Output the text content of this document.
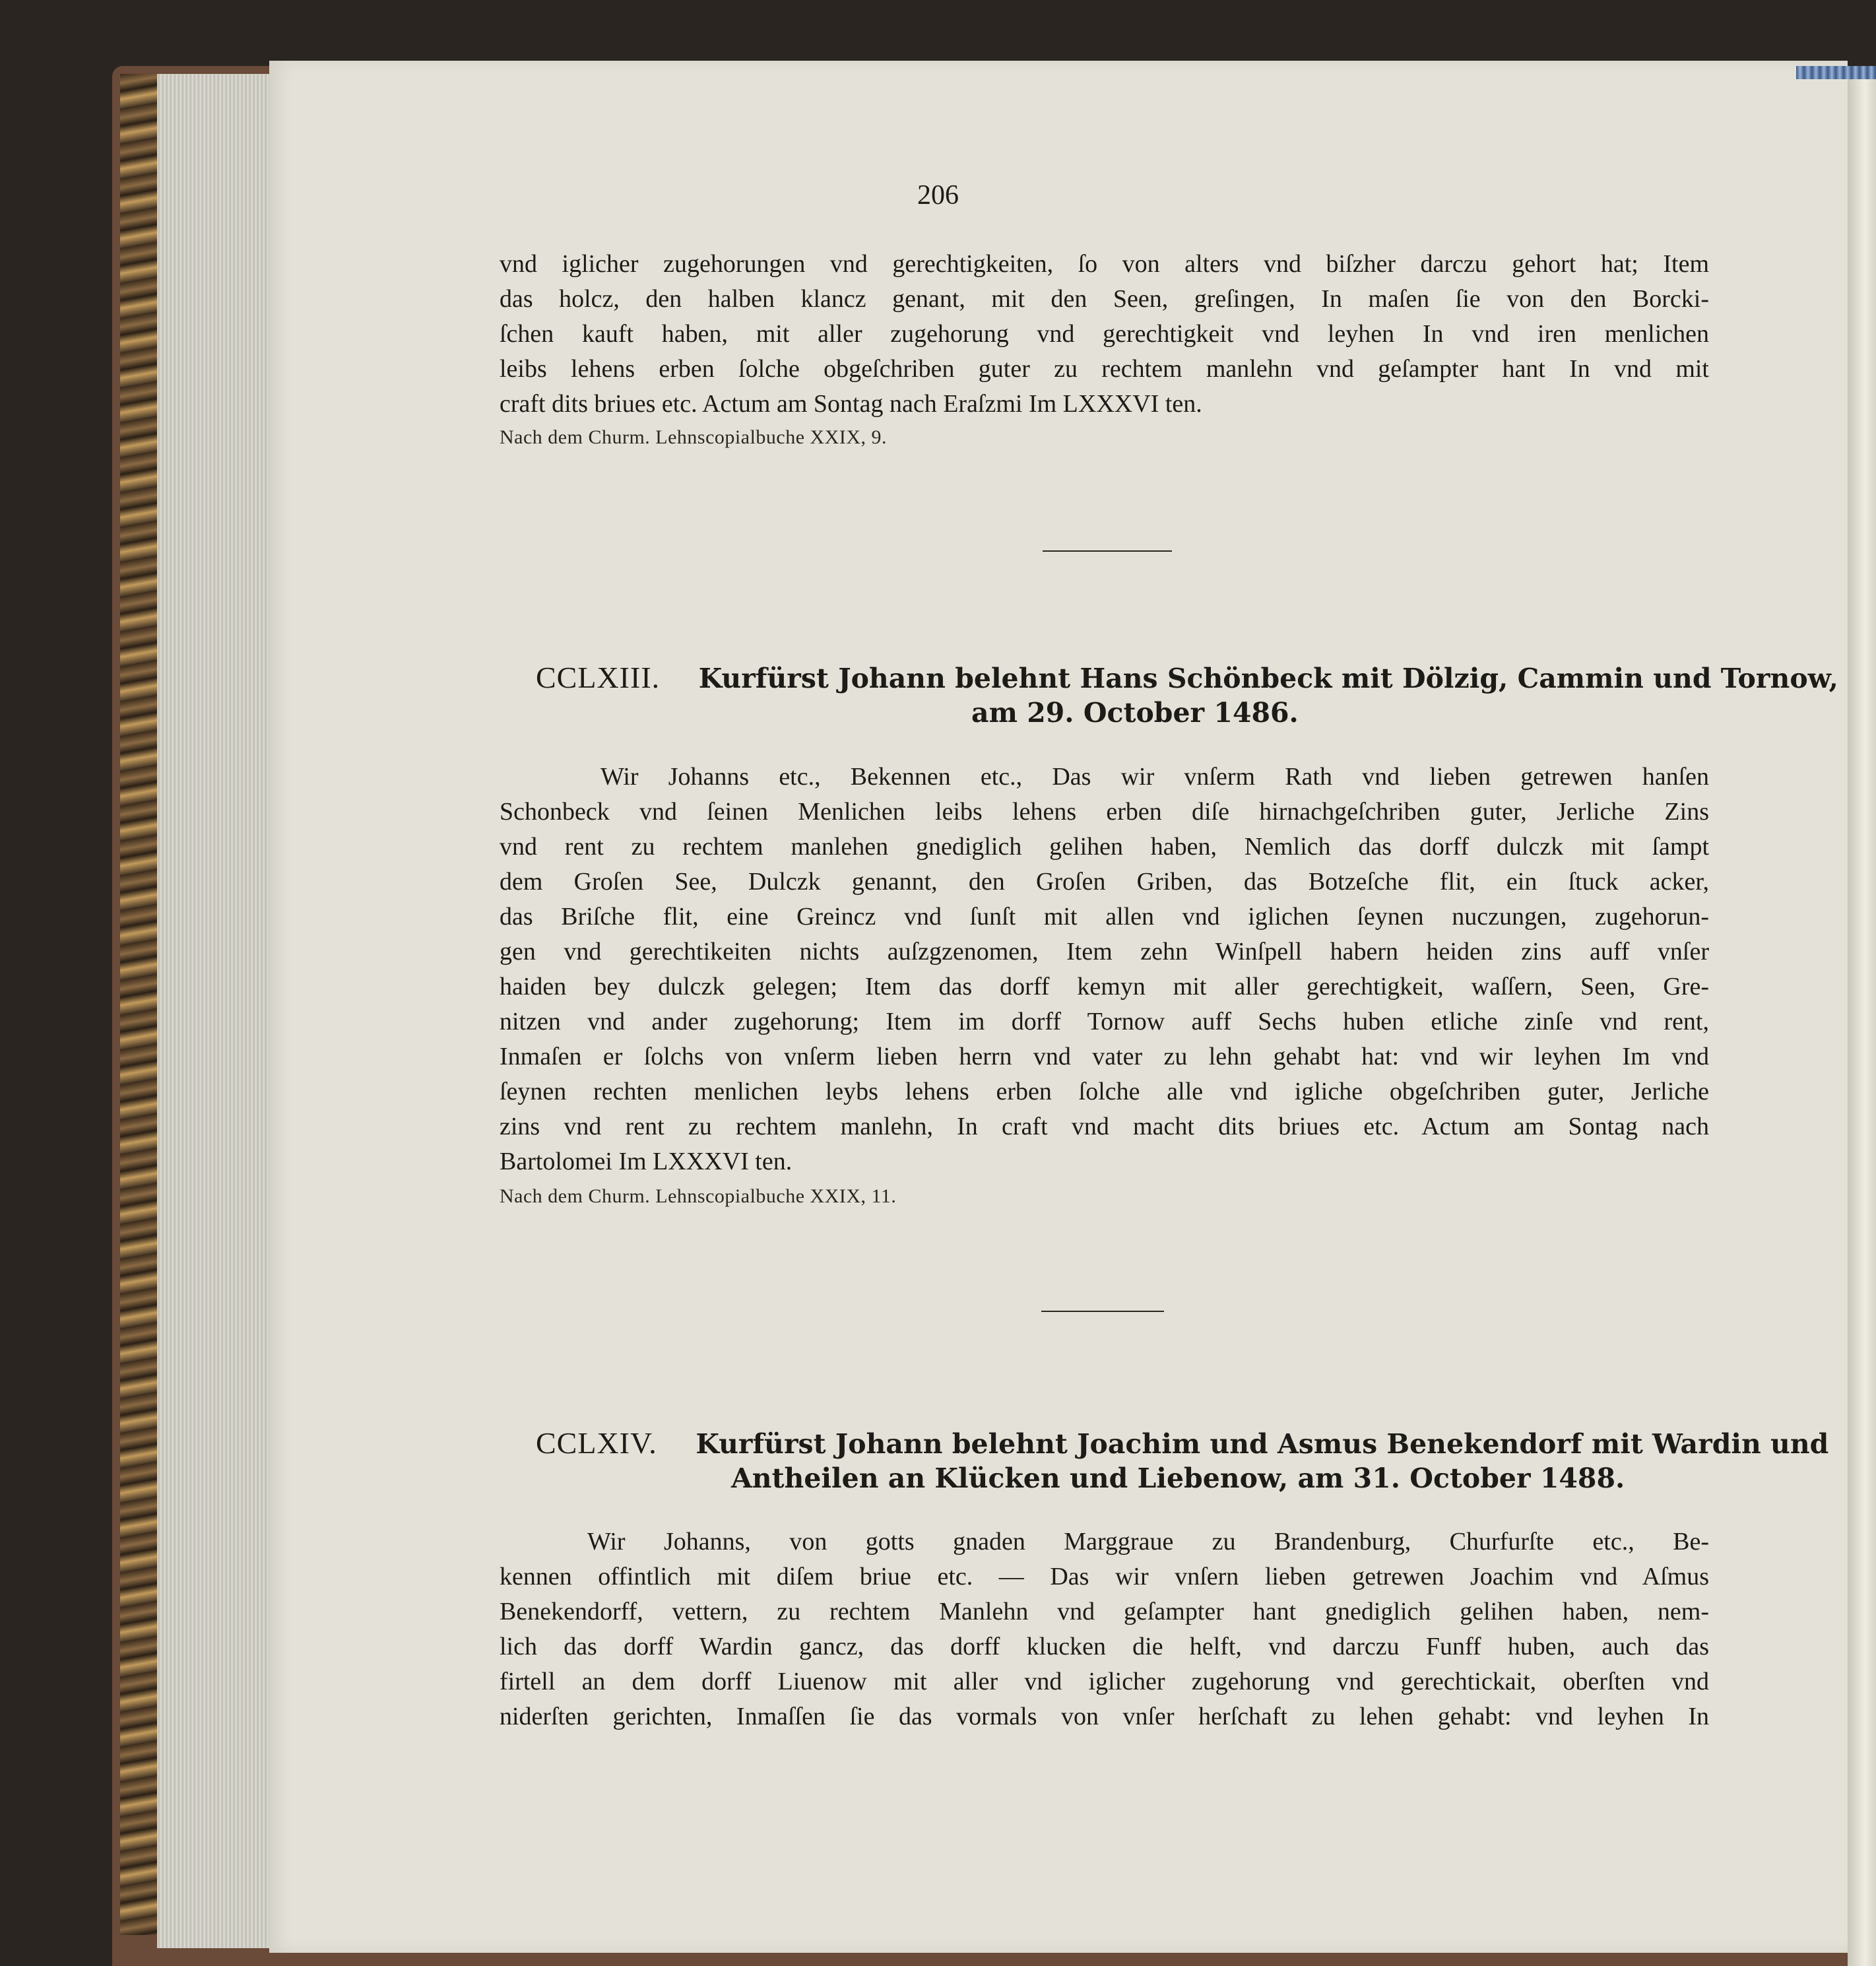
206
vnd iglicher zugehorungen vnd gerechtigkeiten, ſo von alters vnd biſzher darczu gehort hat; Item
das holcz, den halben klancz genant, mit den Seen, greſingen, In maſen ſie von den Borcki-
ſchen kauft haben, mit aller zugehorung vnd gerechtigkeit vnd leyhen In vnd iren menlichen
leibs lehens erben ſolche obgeſchriben guter zu rechtem manlehn vnd geſampter hant In vnd mit
craft dits briues etc. Actum am Sontag nach Eraſzmi Im LXXXVI ten.
Nach dem Churm. Lehnscopialbuche XXIX, 9.
CCLXIII. Kurfürst Johann belehnt Hans Schönbeck mit Dölzig, Cammin und Tornow,
am 29. October 1486.
Wir Johanns etc., Bekennen etc., Das wir vnſerm Rath vnd lieben getrewen hanſen
Schonbeck vnd ſeinen Menlichen leibs lehens erben diſe hirnachgeſchriben guter, Jerliche Zins
vnd rent zu rechtem manlehen gnediglich gelihen haben, Nemlich das dorff dulczk mit ſampt
dem Groſen See, Dulczk genannt, den Groſen Griben, das Botzeſche flit, ein ſtuck acker,
das Briſche flit, eine Greincz vnd ſunſt mit allen vnd iglichen ſeynen nuczungen, zugehorun-
gen vnd gerechtikeiten nichts auſzgzenomen, Item zehn Winſpell habern heiden zins auff vnſer
haiden bey dulczk gelegen; Item das dorff kemyn mit aller gerechtigkeit, waſſern, Seen, Gre-
nitzen vnd ander zugehorung; Item im dorff Tornow auff Sechs huben etliche zinſe vnd rent,
Inmaſen er ſolchs von vnſerm lieben herrn vnd vater zu lehn gehabt hat: vnd wir leyhen Im vnd
ſeynen rechten menlichen leybs lehens erben ſolche alle vnd igliche obgeſchriben guter, Jerliche
zins vnd rent zu rechtem manlehn, In craft vnd macht dits briues etc. Actum am Sontag nach
Bartolomei Im LXXXVI ten.
Nach dem Churm. Lehnscopialbuche XXIX, 11.
CCLXIV. Kurfürst Johann belehnt Joachim und Asmus Benekendorf mit Wardin und
Antheilen an Klücken und Liebenow, am 31. October 1488.
Wir Johanns, von gotts gnaden Marggraue zu Brandenburg, Churfurſte etc., Be-
kennen offintlich mit diſem briue etc. — Das wir vnſern lieben getrewen Joachim vnd Aſmus
Benekendorff, vettern, zu rechtem Manlehn vnd geſampter hant gnediglich gelihen haben, nem-
lich das dorff Wardin gancz, das dorff klucken die helft, vnd darczu Funff huben, auch das
firtell an dem dorff Liuenow mit aller vnd iglicher zugehorung vnd gerechtickait, oberſten vnd
niderſten gerichten, Inmaſſen ſie das vormals von vnſer herſchaft zu lehen gehabt: vnd leyhen In
